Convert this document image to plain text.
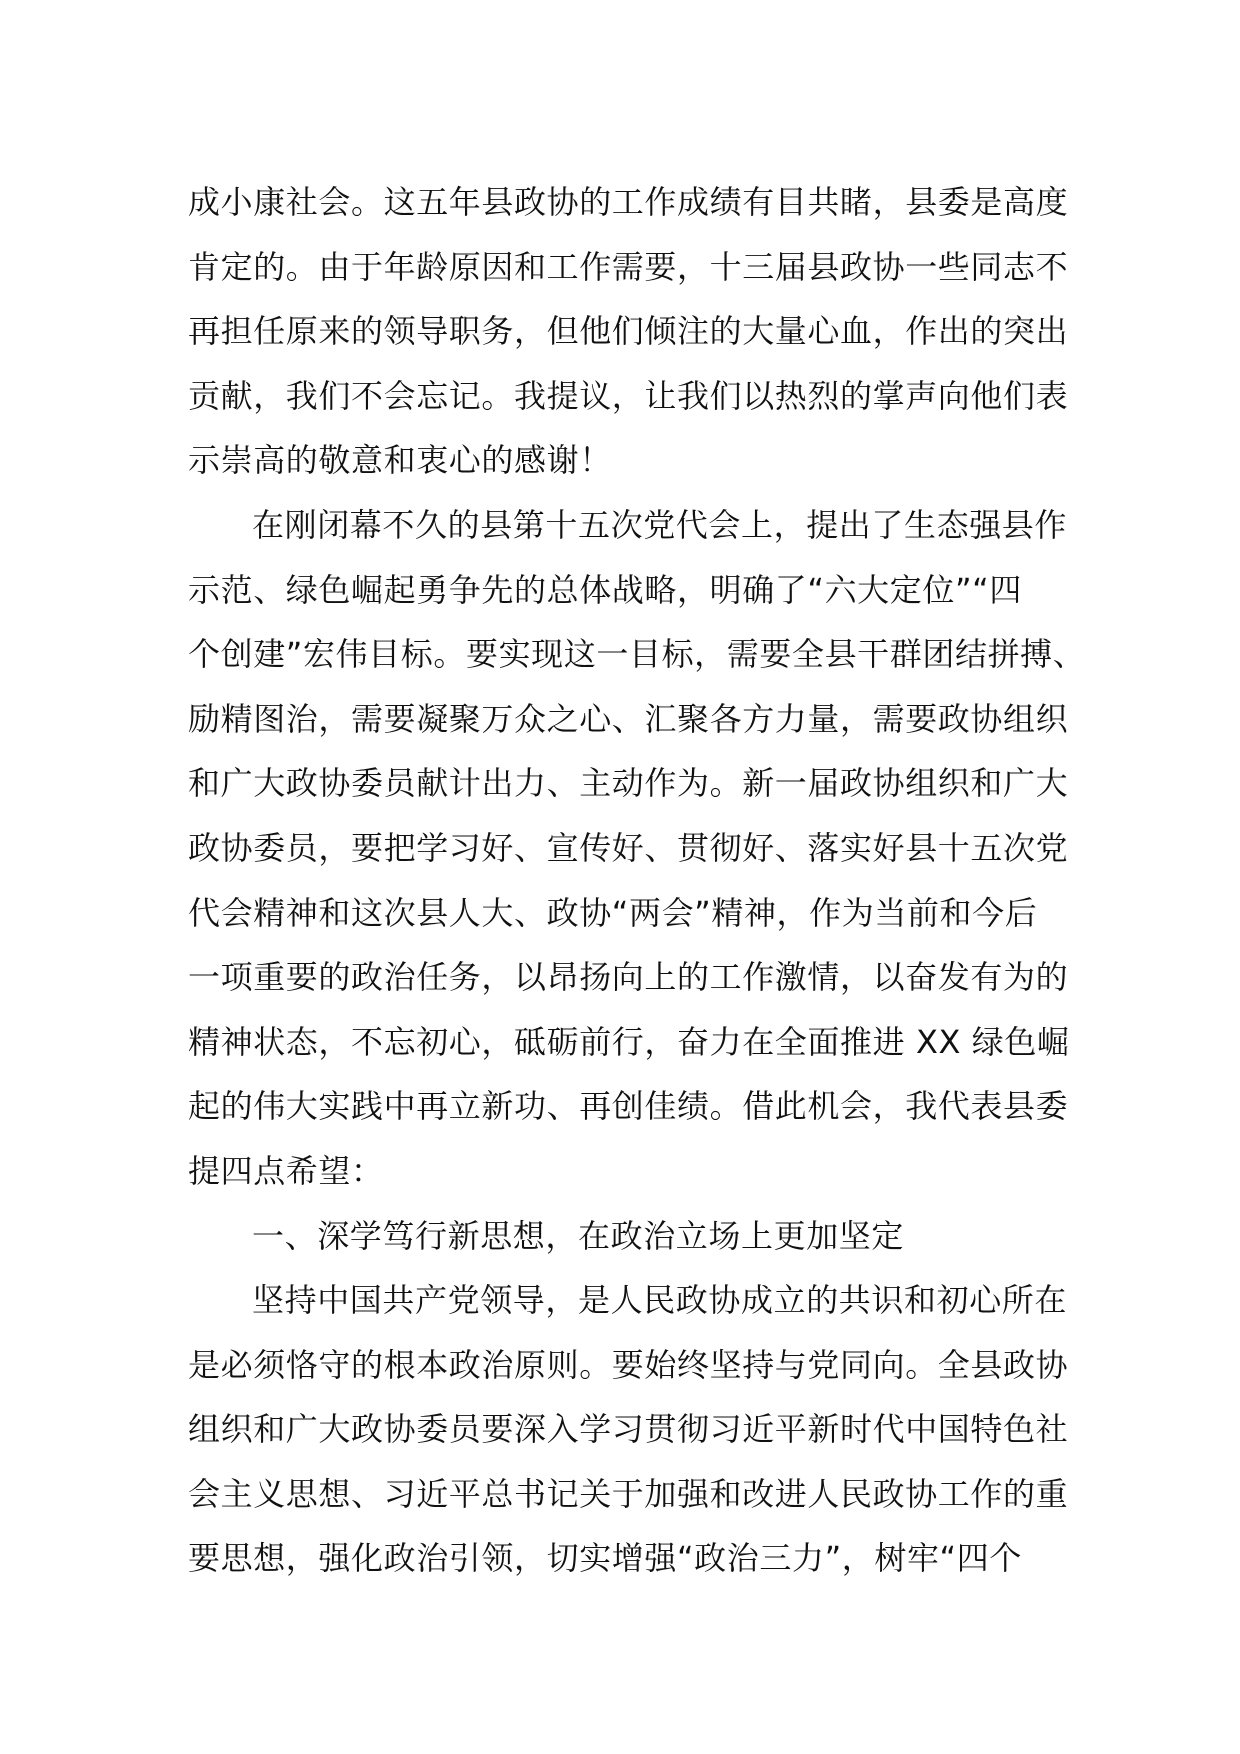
成小康社会。这五年县政协的工作成绩有目共睹，县委是高度
肯定的。由于年龄原因和工作需要，十三届县政协一些同志不
再担任原来的领导职务，但他们倾注的大量心血，作出的突出
贡献，我们不会忘记。我提议，让我们以热烈的掌声向他们表
示崇高的敬意和衷心的感谢！
在刚闭幕不久的县第十五次党代会上，提出了生态强县作
示范、绿色崛起勇争先的总体战略，明确了“六大定位”“四
个创建”宏伟目标。要实现这一目标，需要全县干群团结拼搏、
励精图治，需要凝聚万众之心、汇聚各方力量，需要政协组织
和广大政协委员献计出力、主动作为。新一届政协组织和广大
政协委员，要把学习好、宣传好、贯彻好、落实好县十五次党
代会精神和这次县人大、政协“两会”精神，作为当前和今后
一项重要的政治任务，以昂扬向上的工作激情，以奋发有为的
精神状态，不忘初心，砥砺前行，奋力在全面推进 XX 绿色崛
起的伟大实践中再立新功、再创佳绩。借此机会，我代表县委
提四点希望：
一、深学笃行新思想，在政治立场上更加坚定
坚持中国共产党领导，是人民政协成立的共识和初心所在
是必须恪守的根本政治原则。要始终坚持与党同向。全县政协
组织和广大政协委员要深入学习贯彻习近平新时代中国特色社
会主义思想、习近平总书记关于加强和改进人民政协工作的重
要思想，强化政治引领，切实增强“政治三力”，树牢“四个
